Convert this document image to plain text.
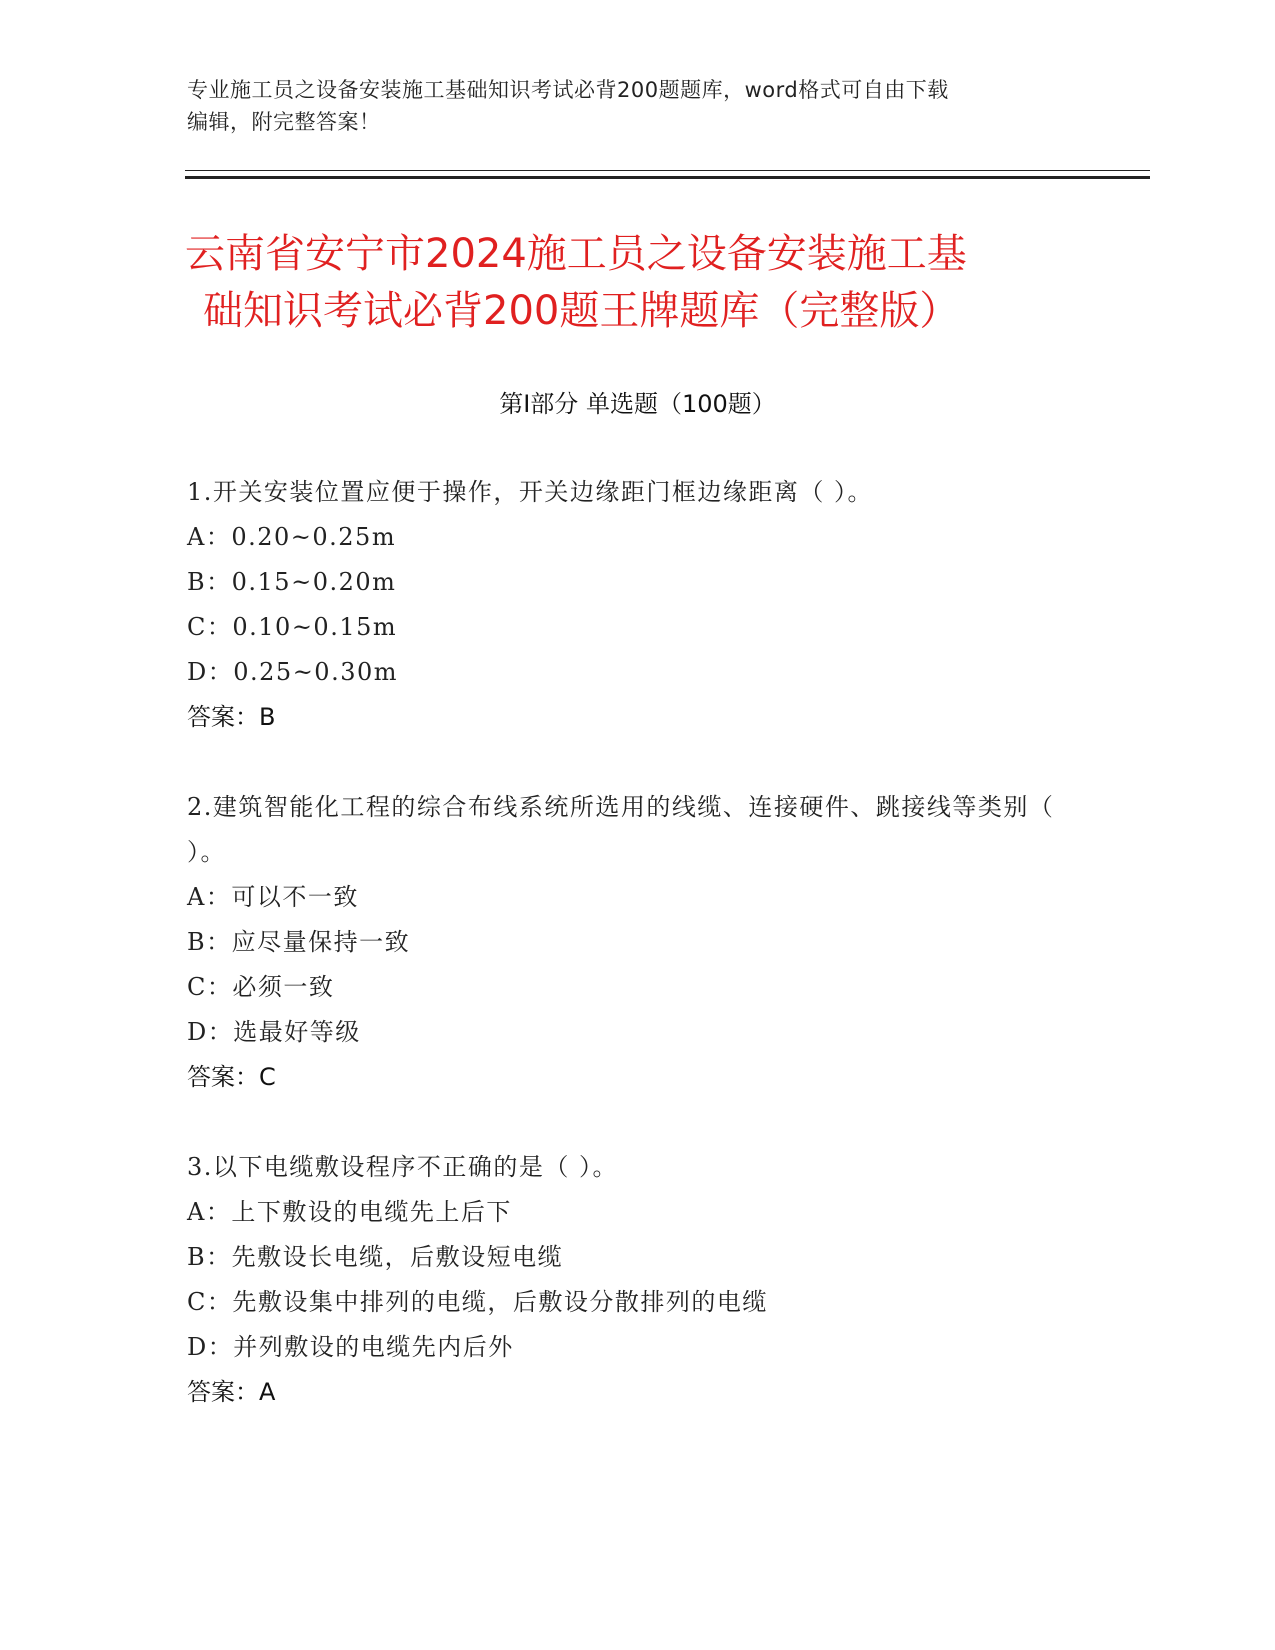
专业施工员之设备安装施工基础知识考试必背200题题库，word格式可自由下载
编辑，附完整答案！
云南省安宁市2024施工员之设备安装施工基
础知识考试必背200题王牌题库（完整版）
第Ⅰ部分 单选题（100题）
1.开关安装位置应便于操作，开关边缘距门框边缘距离（ ）。
A：0.20~0.25m
B：0.15~0.20m
C：0.10~0.15m
D：0.25~0.30m
答案：B
2.建筑智能化工程的综合布线系统所选用的线缆、连接硬件、跳接线等类别（ ）。
A：可以不一致
B：应尽量保持一致
C：必须一致
D：选最好等级
答案：C
3.以下电缆敷设程序不正确的是（ ）。
A：上下敷设的电缆先上后下
B：先敷设长电缆，后敷设短电缆
C：先敷设集中排列的电缆，后敷设分散排列的电缆
D：并列敷设的电缆先内后外
答案：A
